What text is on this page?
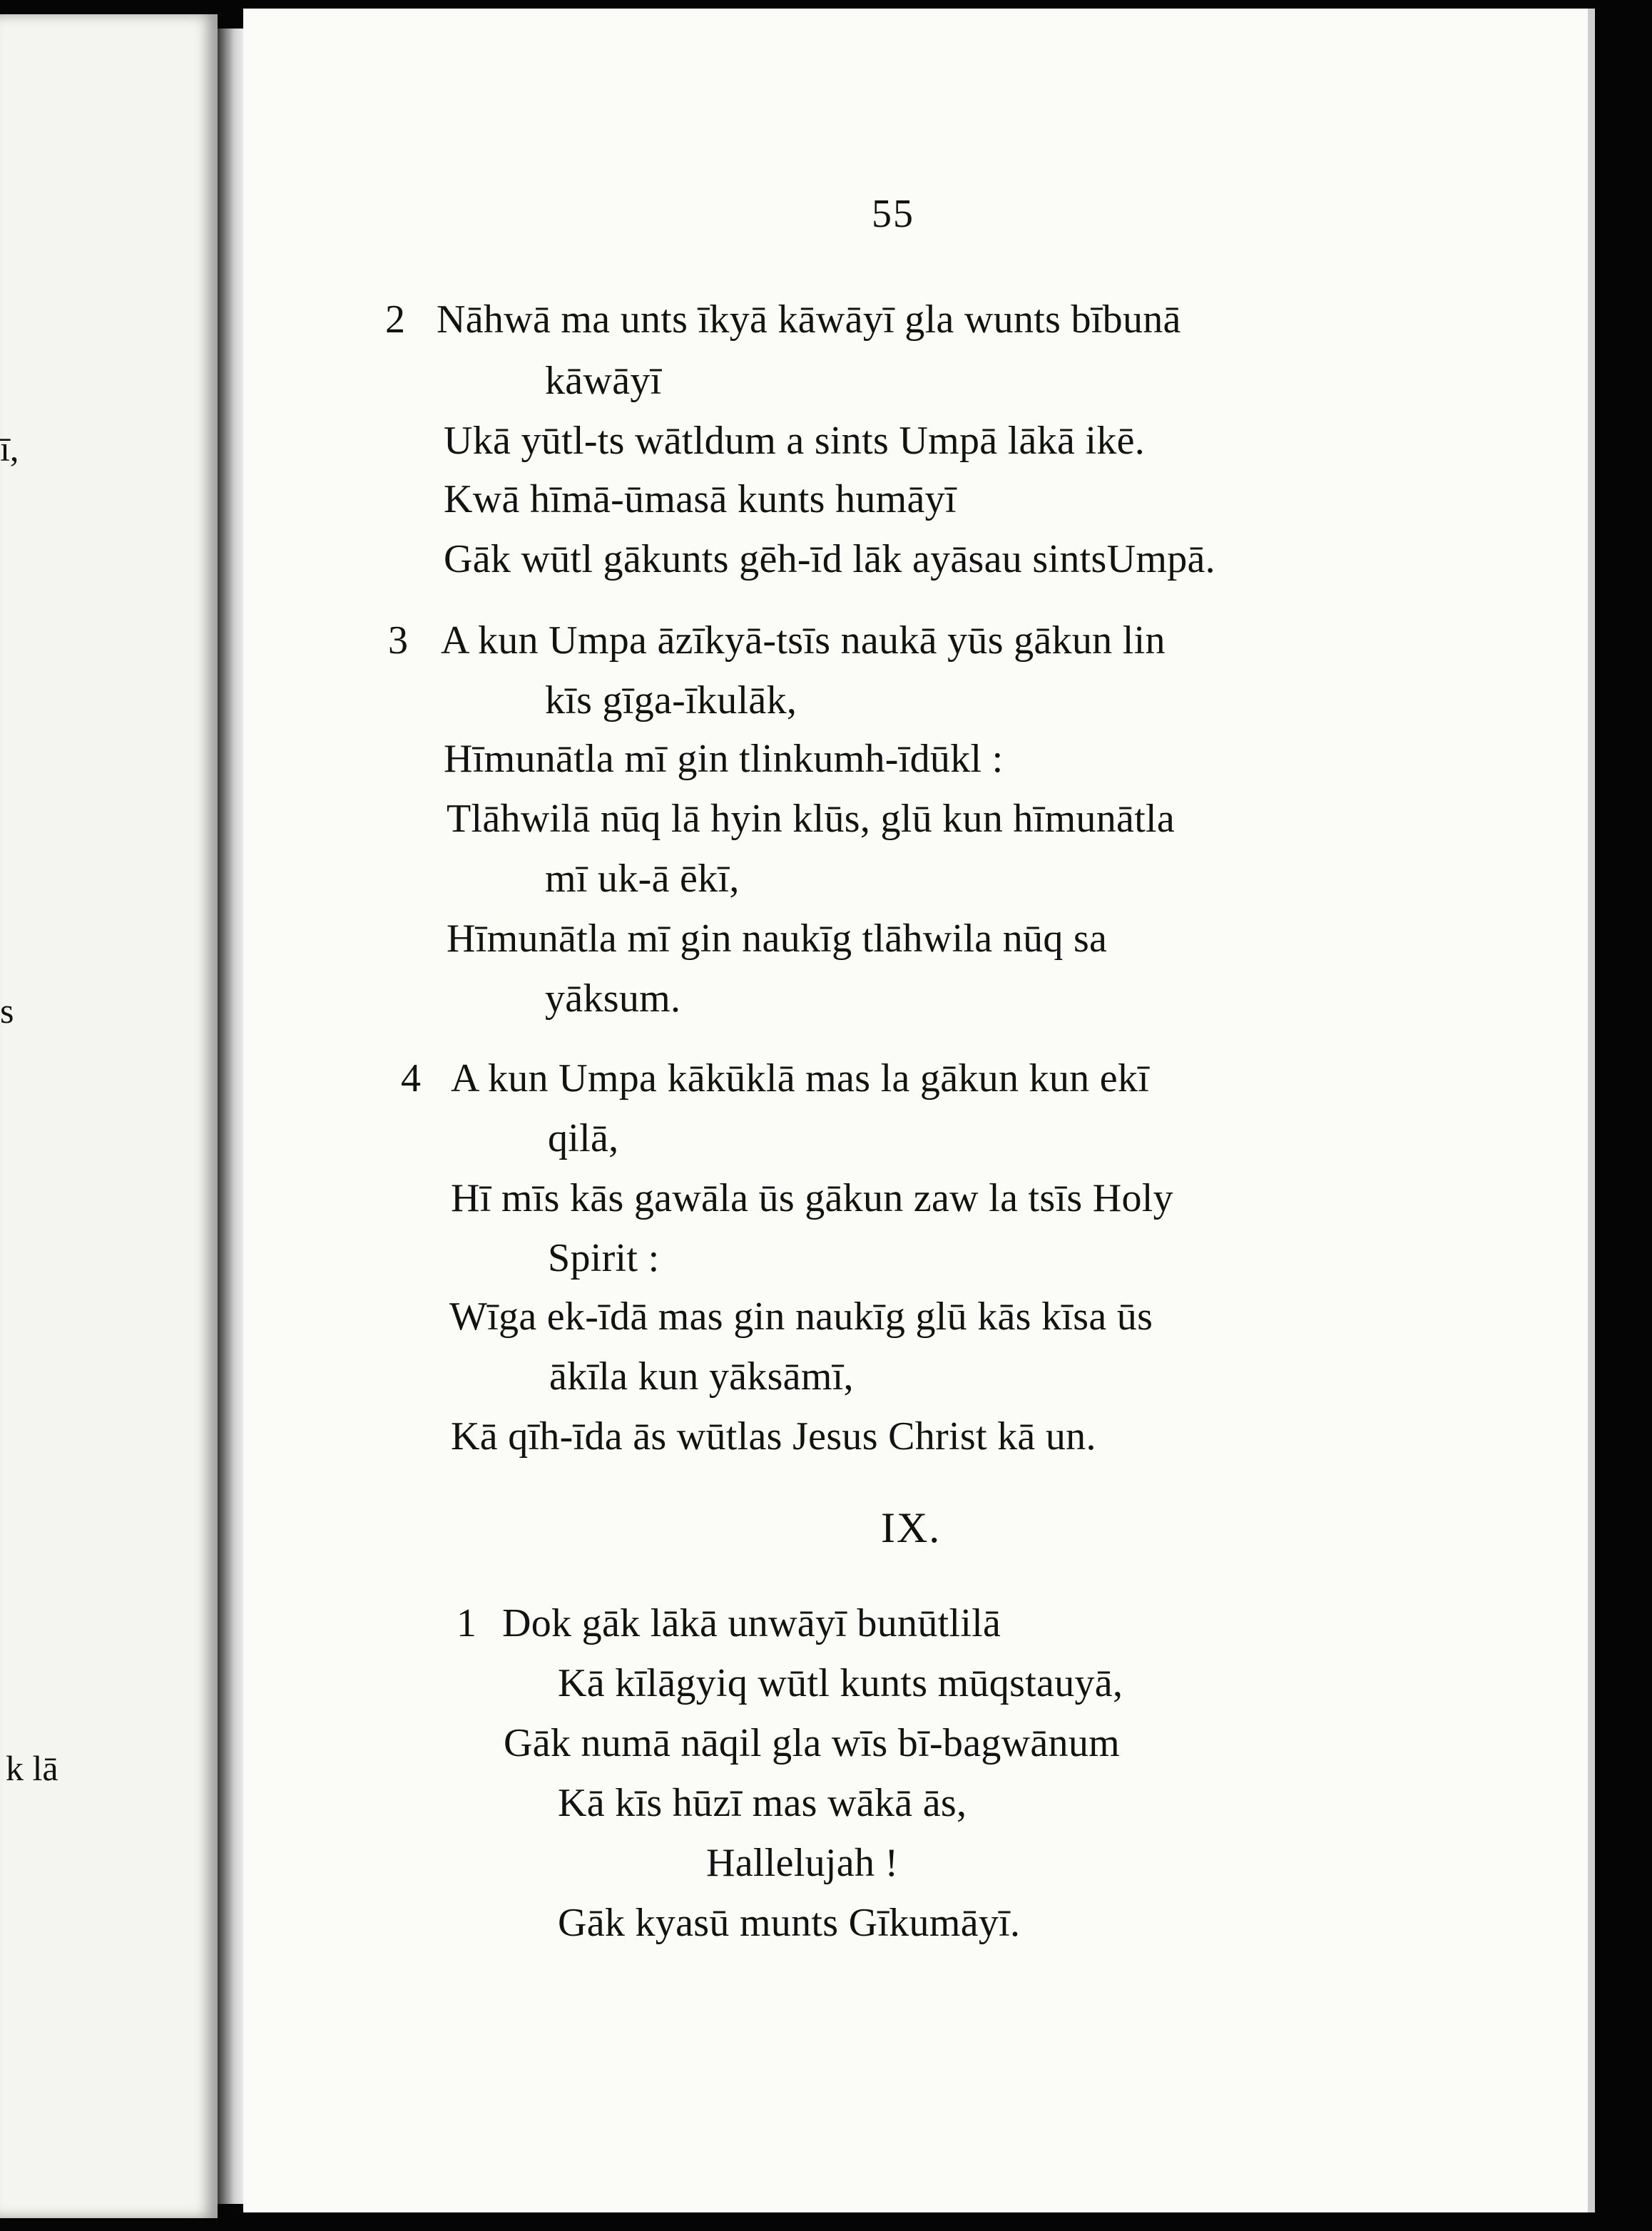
ī,
s
k lā
55
2 Nāhwā ma unts īkyā kāwāyī gla wunts bībunā
kāwāyī
Ukā yūtl-ts wātldum a sints Umpā lākā ikē.
Kwā hīmā-ūmasā kunts humāyī
Gāk wūtl gākunts gēh-īd lāk ayāsau sintsUmpā.
3 A kun Umpa āzīkyā-tsīs naukā yūs gākun lin
kīs gīga-īkulāk,
Hīmunātla mī gin tlinkumh-īdūkl :
Tlāhwilā nūq lā hyin klūs, glū kun hīmunātla
mī uk-ā ēkī,
Hīmunātla mī gin naukīg tlāhwila nūq sa
yāksum.
4 A kun Umpa kākūklā mas la gākun kun ekī
qilā,
Hī mīs kās gawāla ūs gākun zaw la tsīs Holy
Spirit :
Wīga ek-īdā mas gin naukīg glū kās kīsa ūs
ākīla kun yāksāmī,
Kā qīh-īda ās wūtlas Jesus Christ kā un.
IX.
1 Dok gāk lākā unwāyī bunūtlilā
Kā kīlāgyiq wūtl kunts mūqstauyā,
Gāk numā nāqil gla wīs bī-bagwānum
Kā kīs hūzī mas wākā ās,
Hallelujah !
Gāk kyasū munts Gīkumāyī.
